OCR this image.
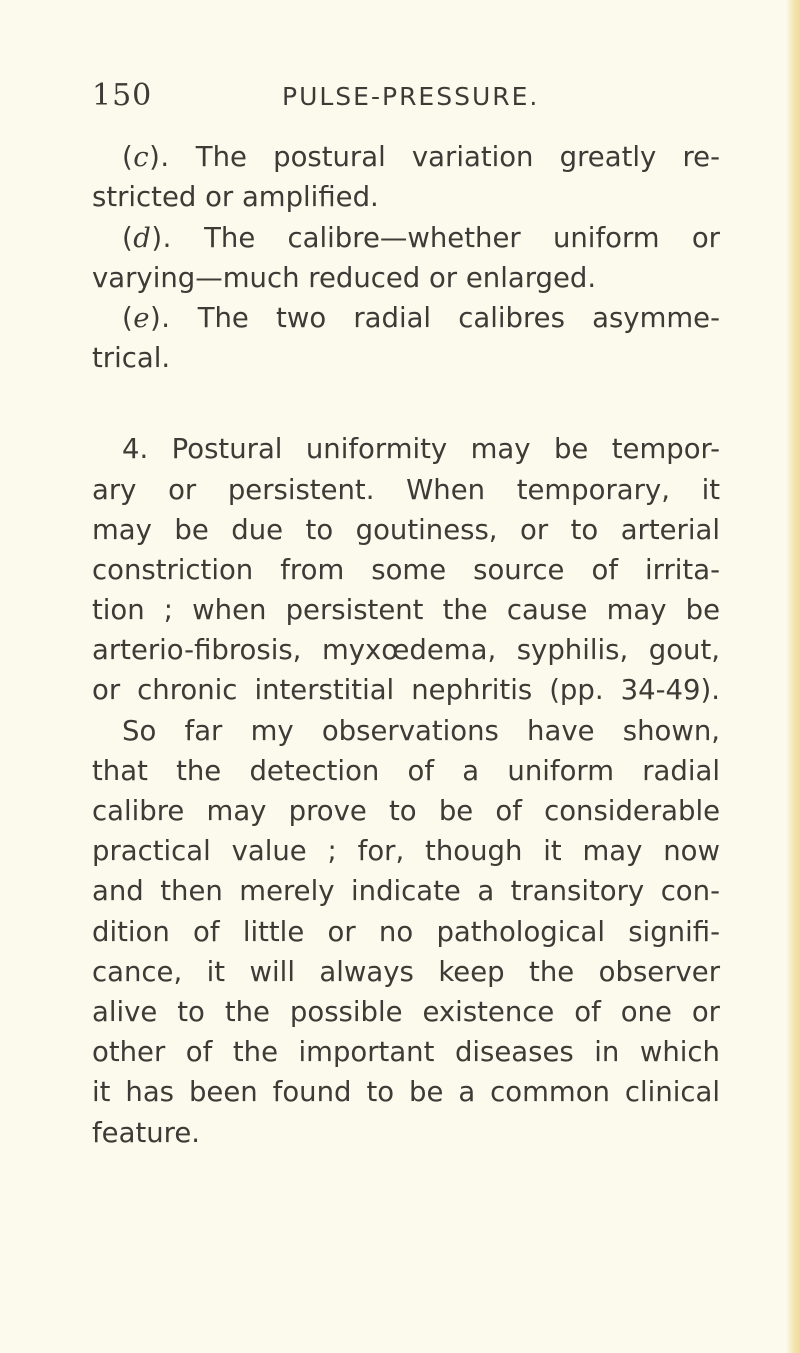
150	PULSE-PRESSURE.
(c). The postural variation greatly re-
stricted or amplified.
(d). The calibre—whether uniform or
varying—much reduced or enlarged.
(e). The two radial calibres asymme-
trical.
4. Postural uniformity may be tempor-
ary or persistent. When temporary, it
may be due to goutiness, or to arterial
constriction from some source of irrita-
tion ; when persistent the cause may be
arterio-fibrosis, myxœdema, syphilis, gout,
or chronic interstitial nephritis (pp. 34-49).
So far my observations have shown,
that the detection of a uniform radial
calibre may prove to be of considerable
practical value ; for, though it may now
and then merely indicate a transitory con-
dition of little or no pathological signifi-
cance, it will always keep the observer
alive to the possible existence of one or
other of the important diseases in which
it has been found to be a common clinical
feature.
